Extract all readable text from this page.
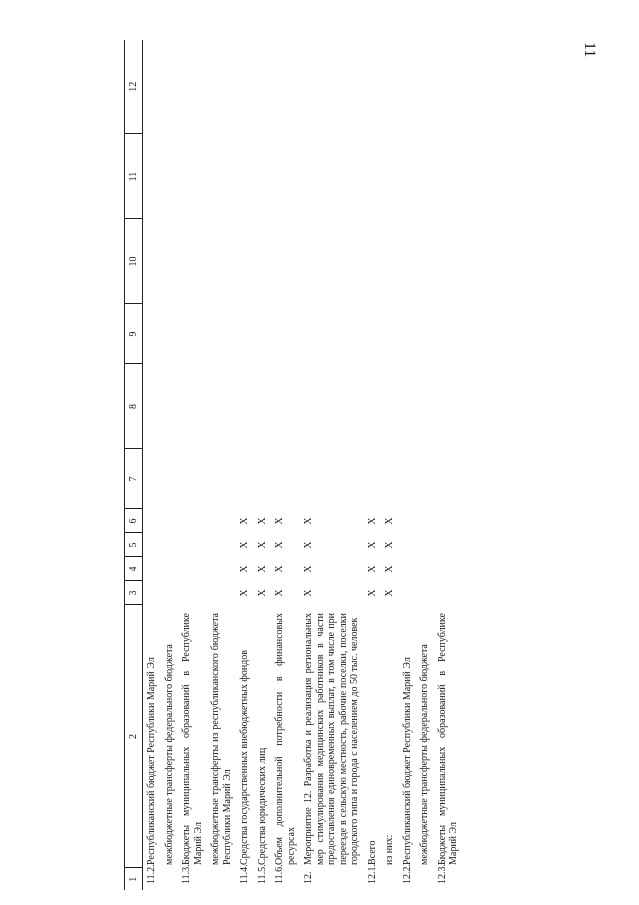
11
1	2	3	4	5	6	7	8	9	10	11	12
11.2.	Республиканский бюджет Республики Марий Эл										
	межбюджетные трансферты федерального бюджета										
11.3.	Бюджеты муниципальных образований в Республике Марий Эл										
	межбюджетные трансферты из республиканского бюджета Республики Марий Эл										
11.4.	Средства государственных внебюджетных фондов	X	X	X	X						
11.5.	Средства юридических лиц	X	X	X	X						
11.6.	Объем дополнительной потребности в финансовых ресурсах	X	X	X	X						
12.	Мероприятие 12. Разработка и реализация региональных мер стимулирования медицинских работников в части предоставления единовременных выплат, в том числе при переезде в сельскую местность, рабочие поселки, поселки городского типа и города с населением до 50 тыс. человек	X	X	X	X						
12.1.	Всего	X	X	X	X						
	из них:	X	X	X	X						
12.2.	Республиканский бюджет Республики Марий Эл										
	межбюджетные трансферты федерального бюджета										
12.3.	Бюджеты муниципальных образований в Республике Марий Эл										
